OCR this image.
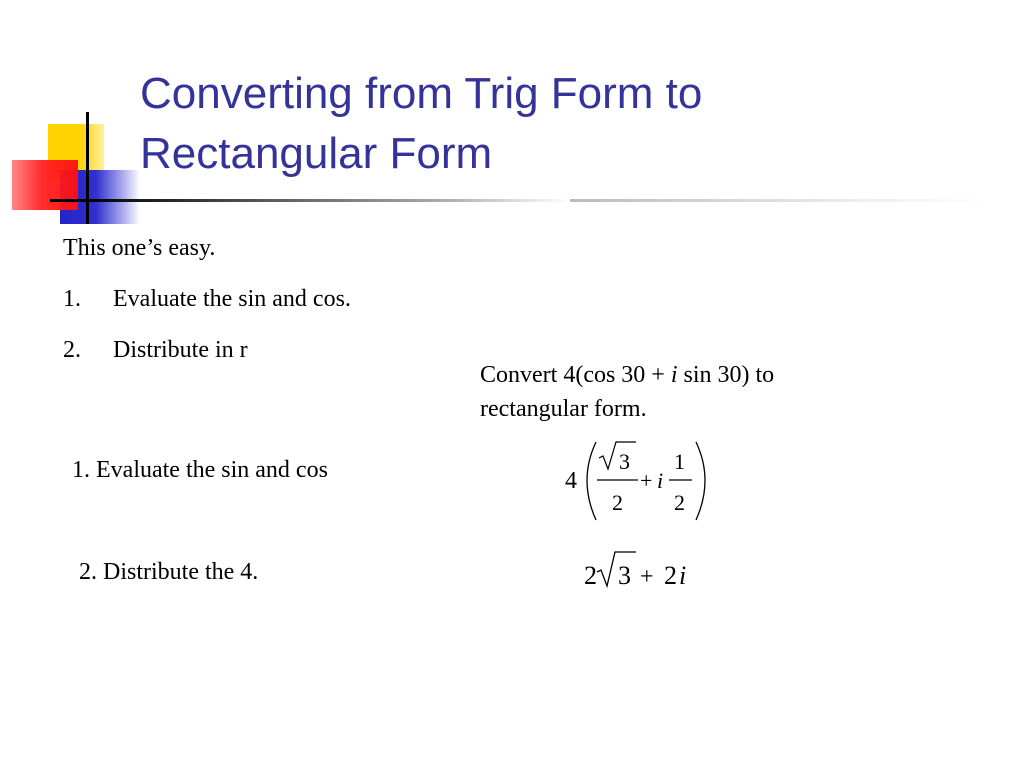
Converting from Trig Form to
Rectangular Form
This one’s easy.
1. Evaluate the sin and cos.
2. Distribute in r
Convert 4(cos 30 + i sin 30) to rectangular form.
1. Evaluate the sin and cos
2. Distribute the 4.
4
3
2
+ i
1
2
2 3 + 2 i
